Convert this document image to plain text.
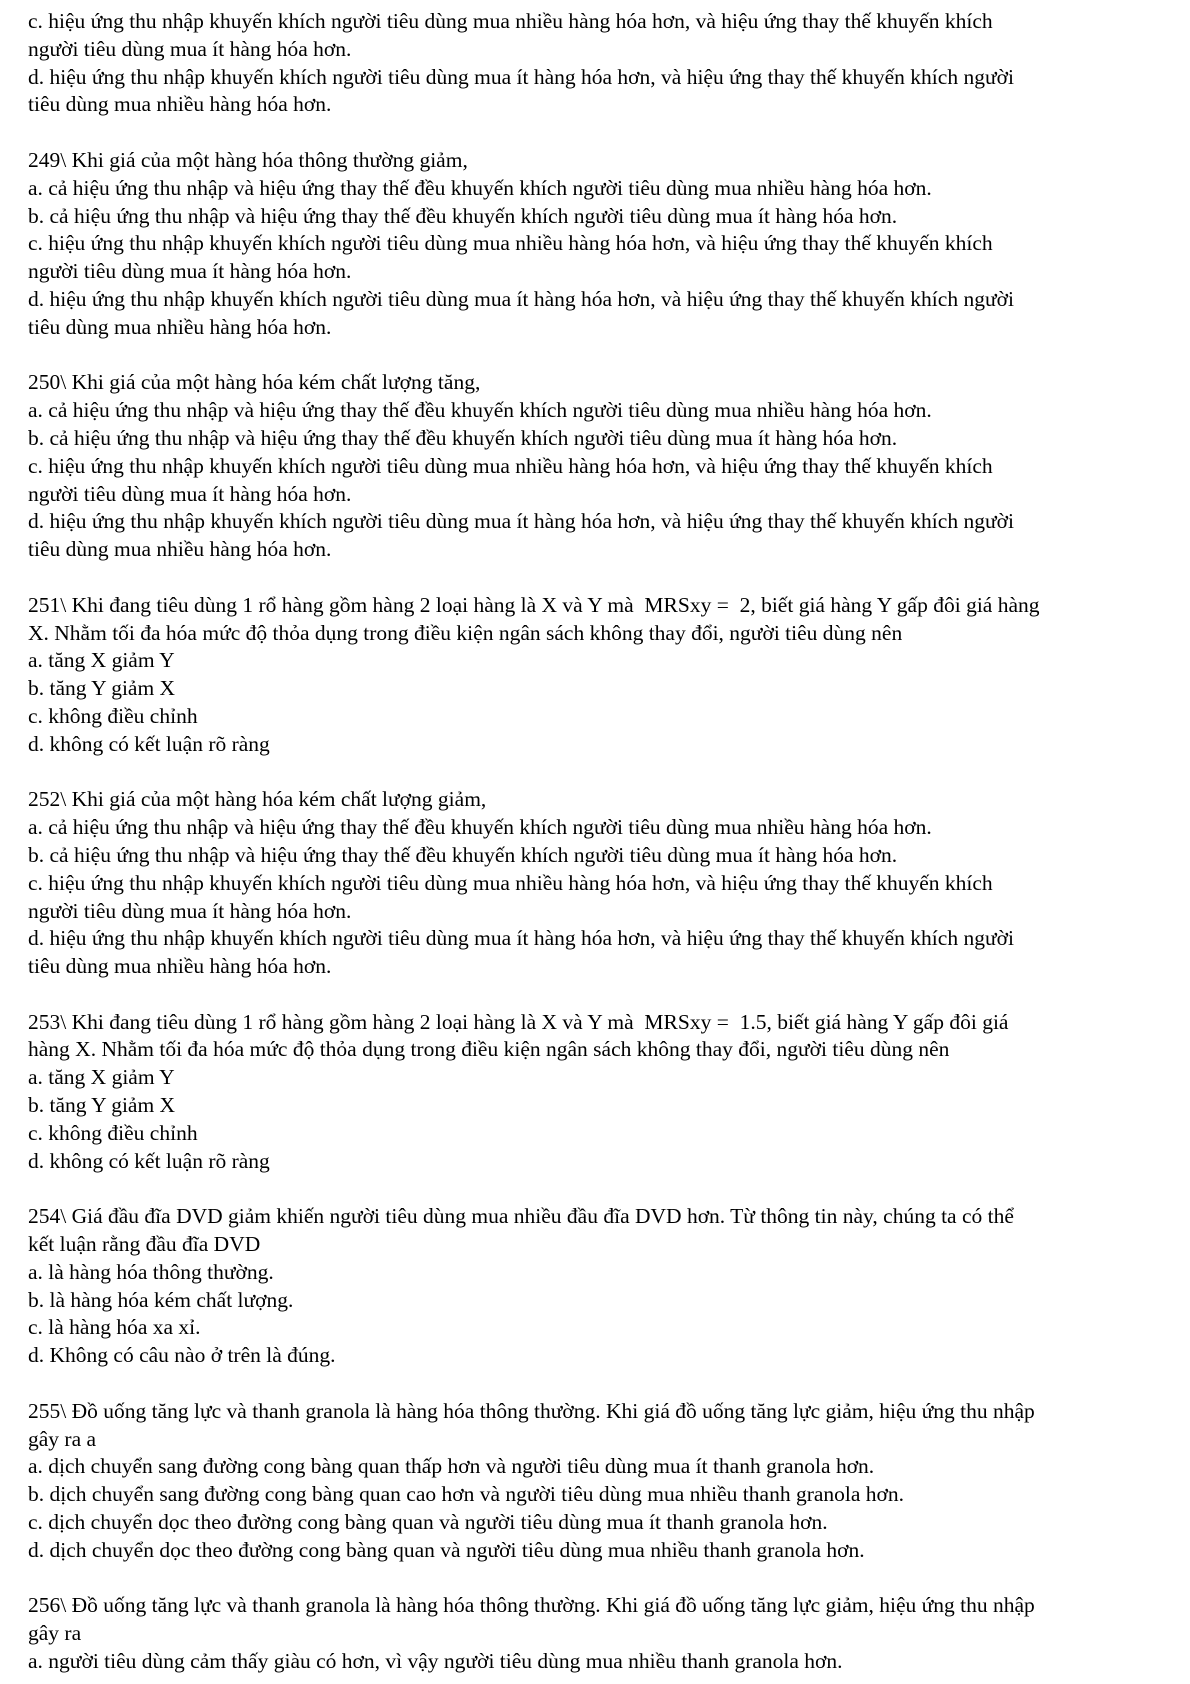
c. hiệu ứng thu nhập khuyến khích người tiêu dùng mua nhiều hàng hóa hơn, và hiệu ứng thay thế khuyến khích
người tiêu dùng mua ít hàng hóa hơn.
d. hiệu ứng thu nhập khuyến khích người tiêu dùng mua ít hàng hóa hơn, và hiệu ứng thay thế khuyến khích người
tiêu dùng mua nhiều hàng hóa hơn.
249\ Khi giá của một hàng hóa thông thường giảm,
a. cả hiệu ứng thu nhập và hiệu ứng thay thế đều khuyến khích người tiêu dùng mua nhiều hàng hóa hơn.
b. cả hiệu ứng thu nhập và hiệu ứng thay thế đều khuyến khích người tiêu dùng mua ít hàng hóa hơn.
c. hiệu ứng thu nhập khuyến khích người tiêu dùng mua nhiều hàng hóa hơn, và hiệu ứng thay thế khuyến khích
người tiêu dùng mua ít hàng hóa hơn.
d. hiệu ứng thu nhập khuyến khích người tiêu dùng mua ít hàng hóa hơn, và hiệu ứng thay thế khuyến khích người
tiêu dùng mua nhiều hàng hóa hơn.
250\ Khi giá của một hàng hóa kém chất lượng tăng,
a. cả hiệu ứng thu nhập và hiệu ứng thay thế đều khuyến khích người tiêu dùng mua nhiều hàng hóa hơn.
b. cả hiệu ứng thu nhập và hiệu ứng thay thế đều khuyến khích người tiêu dùng mua ít hàng hóa hơn.
c. hiệu ứng thu nhập khuyến khích người tiêu dùng mua nhiều hàng hóa hơn, và hiệu ứng thay thế khuyến khích
người tiêu dùng mua ít hàng hóa hơn.
d. hiệu ứng thu nhập khuyến khích người tiêu dùng mua ít hàng hóa hơn, và hiệu ứng thay thế khuyến khích người
tiêu dùng mua nhiều hàng hóa hơn.
251\ Khi đang tiêu dùng 1 rổ hàng gồm hàng 2 loại hàng là X và Y mà  MRSxy =  2, biết giá hàng Y gấp đôi giá hàng
X. Nhằm tối đa hóa mức độ thỏa dụng trong điều kiện ngân sách không thay đổi, người tiêu dùng nên
a. tăng X giảm Y
b. tăng Y giảm X
c. không điều chỉnh
d. không có kết luận rõ ràng
252\ Khi giá của một hàng hóa kém chất lượng giảm,
a. cả hiệu ứng thu nhập và hiệu ứng thay thế đều khuyến khích người tiêu dùng mua nhiều hàng hóa hơn.
b. cả hiệu ứng thu nhập và hiệu ứng thay thế đều khuyến khích người tiêu dùng mua ít hàng hóa hơn.
c. hiệu ứng thu nhập khuyến khích người tiêu dùng mua nhiều hàng hóa hơn, và hiệu ứng thay thế khuyến khích
người tiêu dùng mua ít hàng hóa hơn.
d. hiệu ứng thu nhập khuyến khích người tiêu dùng mua ít hàng hóa hơn, và hiệu ứng thay thế khuyến khích người
tiêu dùng mua nhiều hàng hóa hơn.
253\ Khi đang tiêu dùng 1 rổ hàng gồm hàng 2 loại hàng là X và Y mà  MRSxy =  1.5, biết giá hàng Y gấp đôi giá
hàng X. Nhằm tối đa hóa mức độ thỏa dụng trong điều kiện ngân sách không thay đổi, người tiêu dùng nên
a. tăng X giảm Y
b. tăng Y giảm X
c. không điều chỉnh
d. không có kết luận rõ ràng
254\ Giá đầu đĩa DVD giảm khiến người tiêu dùng mua nhiều đầu đĩa DVD hơn. Từ thông tin này, chúng ta có thể
kết luận rằng đầu đĩa DVD
a. là hàng hóa thông thường.
b. là hàng hóa kém chất lượng.
c. là hàng hóa xa xỉ.
d. Không có câu nào ở trên là đúng.
255\ Đồ uống tăng lực và thanh granola là hàng hóa thông thường. Khi giá đồ uống tăng lực giảm, hiệu ứng thu nhập
gây ra a
a. dịch chuyển sang đường cong bàng quan thấp hơn và người tiêu dùng mua ít thanh granola hơn.
b. dịch chuyển sang đường cong bàng quan cao hơn và người tiêu dùng mua nhiều thanh granola hơn.
c. dịch chuyển dọc theo đường cong bàng quan và người tiêu dùng mua ít thanh granola hơn.
d. dịch chuyển dọc theo đường cong bàng quan và người tiêu dùng mua nhiều thanh granola hơn.
256\ Đồ uống tăng lực và thanh granola là hàng hóa thông thường. Khi giá đồ uống tăng lực giảm, hiệu ứng thu nhập
gây ra
a. người tiêu dùng cảm thấy giàu có hơn, vì vậy người tiêu dùng mua nhiều thanh granola hơn.
